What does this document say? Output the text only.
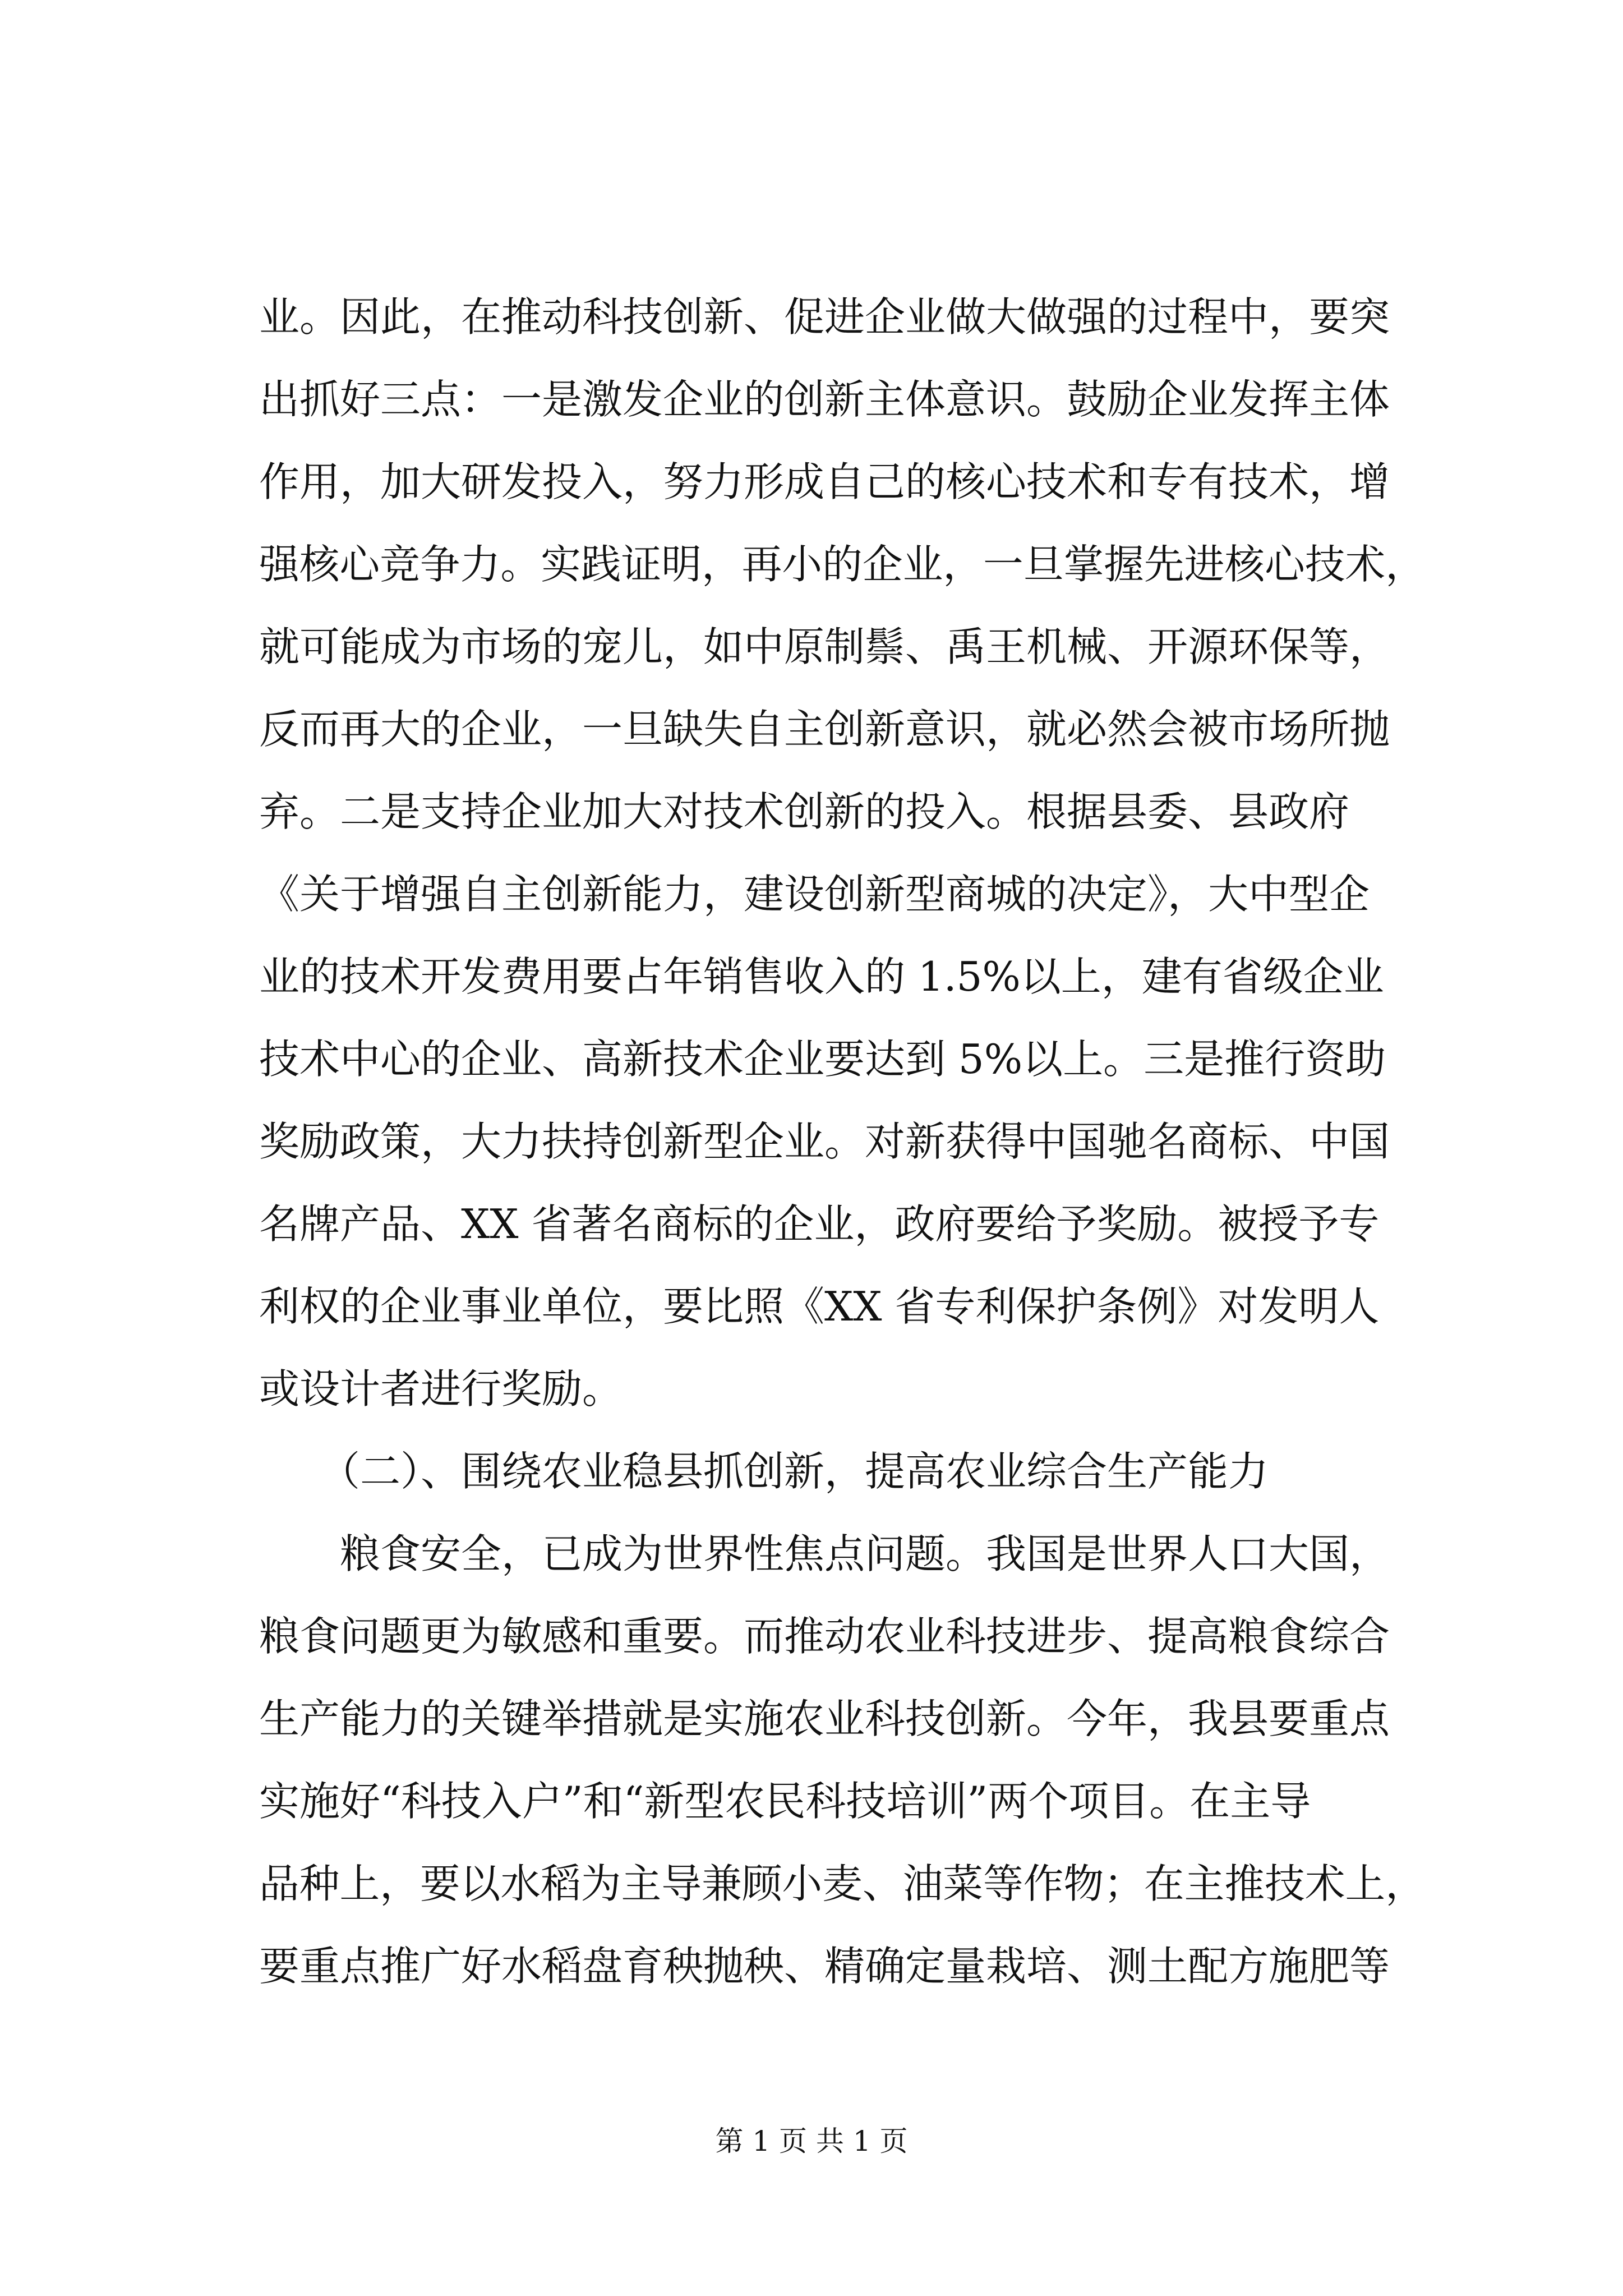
业。因此，在推动科技创新、促进企业做大做强的过程中，要突
出抓好三点：一是激发企业的创新主体意识。鼓励企业发挥主体
作用，加大研发投入，努力形成自己的核心技术和专有技术，增
强核心竞争力。实践证明，再小的企业，一旦掌握先进核心技术，
就可能成为市场的宠儿，如中原制鬃、禹王机械、开源环保等，
反而再大的企业，一旦缺失自主创新意识，就必然会被市场所抛
弃。二是支持企业加大对技术创新的投入。根据县委、县政府
《关于增强自主创新能力，建设创新型商城的决定》，大中型企
业的技术开发费用要占年销售收入的 1.5%以上，建有省级企业
技术中心的企业、高新技术企业要达到 5%以上。三是推行资助
奖励政策，大力扶持创新型企业。对新获得中国驰名商标、中国
名牌产品、XX 省著名商标的企业，政府要给予奖励。被授予专
利权的企业事业单位，要比照《XX 省专利保护条例》对发明人
或设计者进行奖励。
（二）、围绕农业稳县抓创新，提高农业综合生产能力
粮食安全，已成为世界性焦点问题。我国是世界人口大国，
粮食问题更为敏感和重要。而推动农业科技进步、提高粮食综合
生产能力的关键举措就是实施农业科技创新。今年，我县要重点
实施好“科技入户”和“新型农民科技培训”两个项目。在主导
品种上，要以水稻为主导兼顾小麦、油菜等作物；在主推技术上，
要重点推广好水稻盘育秧抛秧、精确定量栽培、测土配方施肥等
第 1 页 共 1 页
